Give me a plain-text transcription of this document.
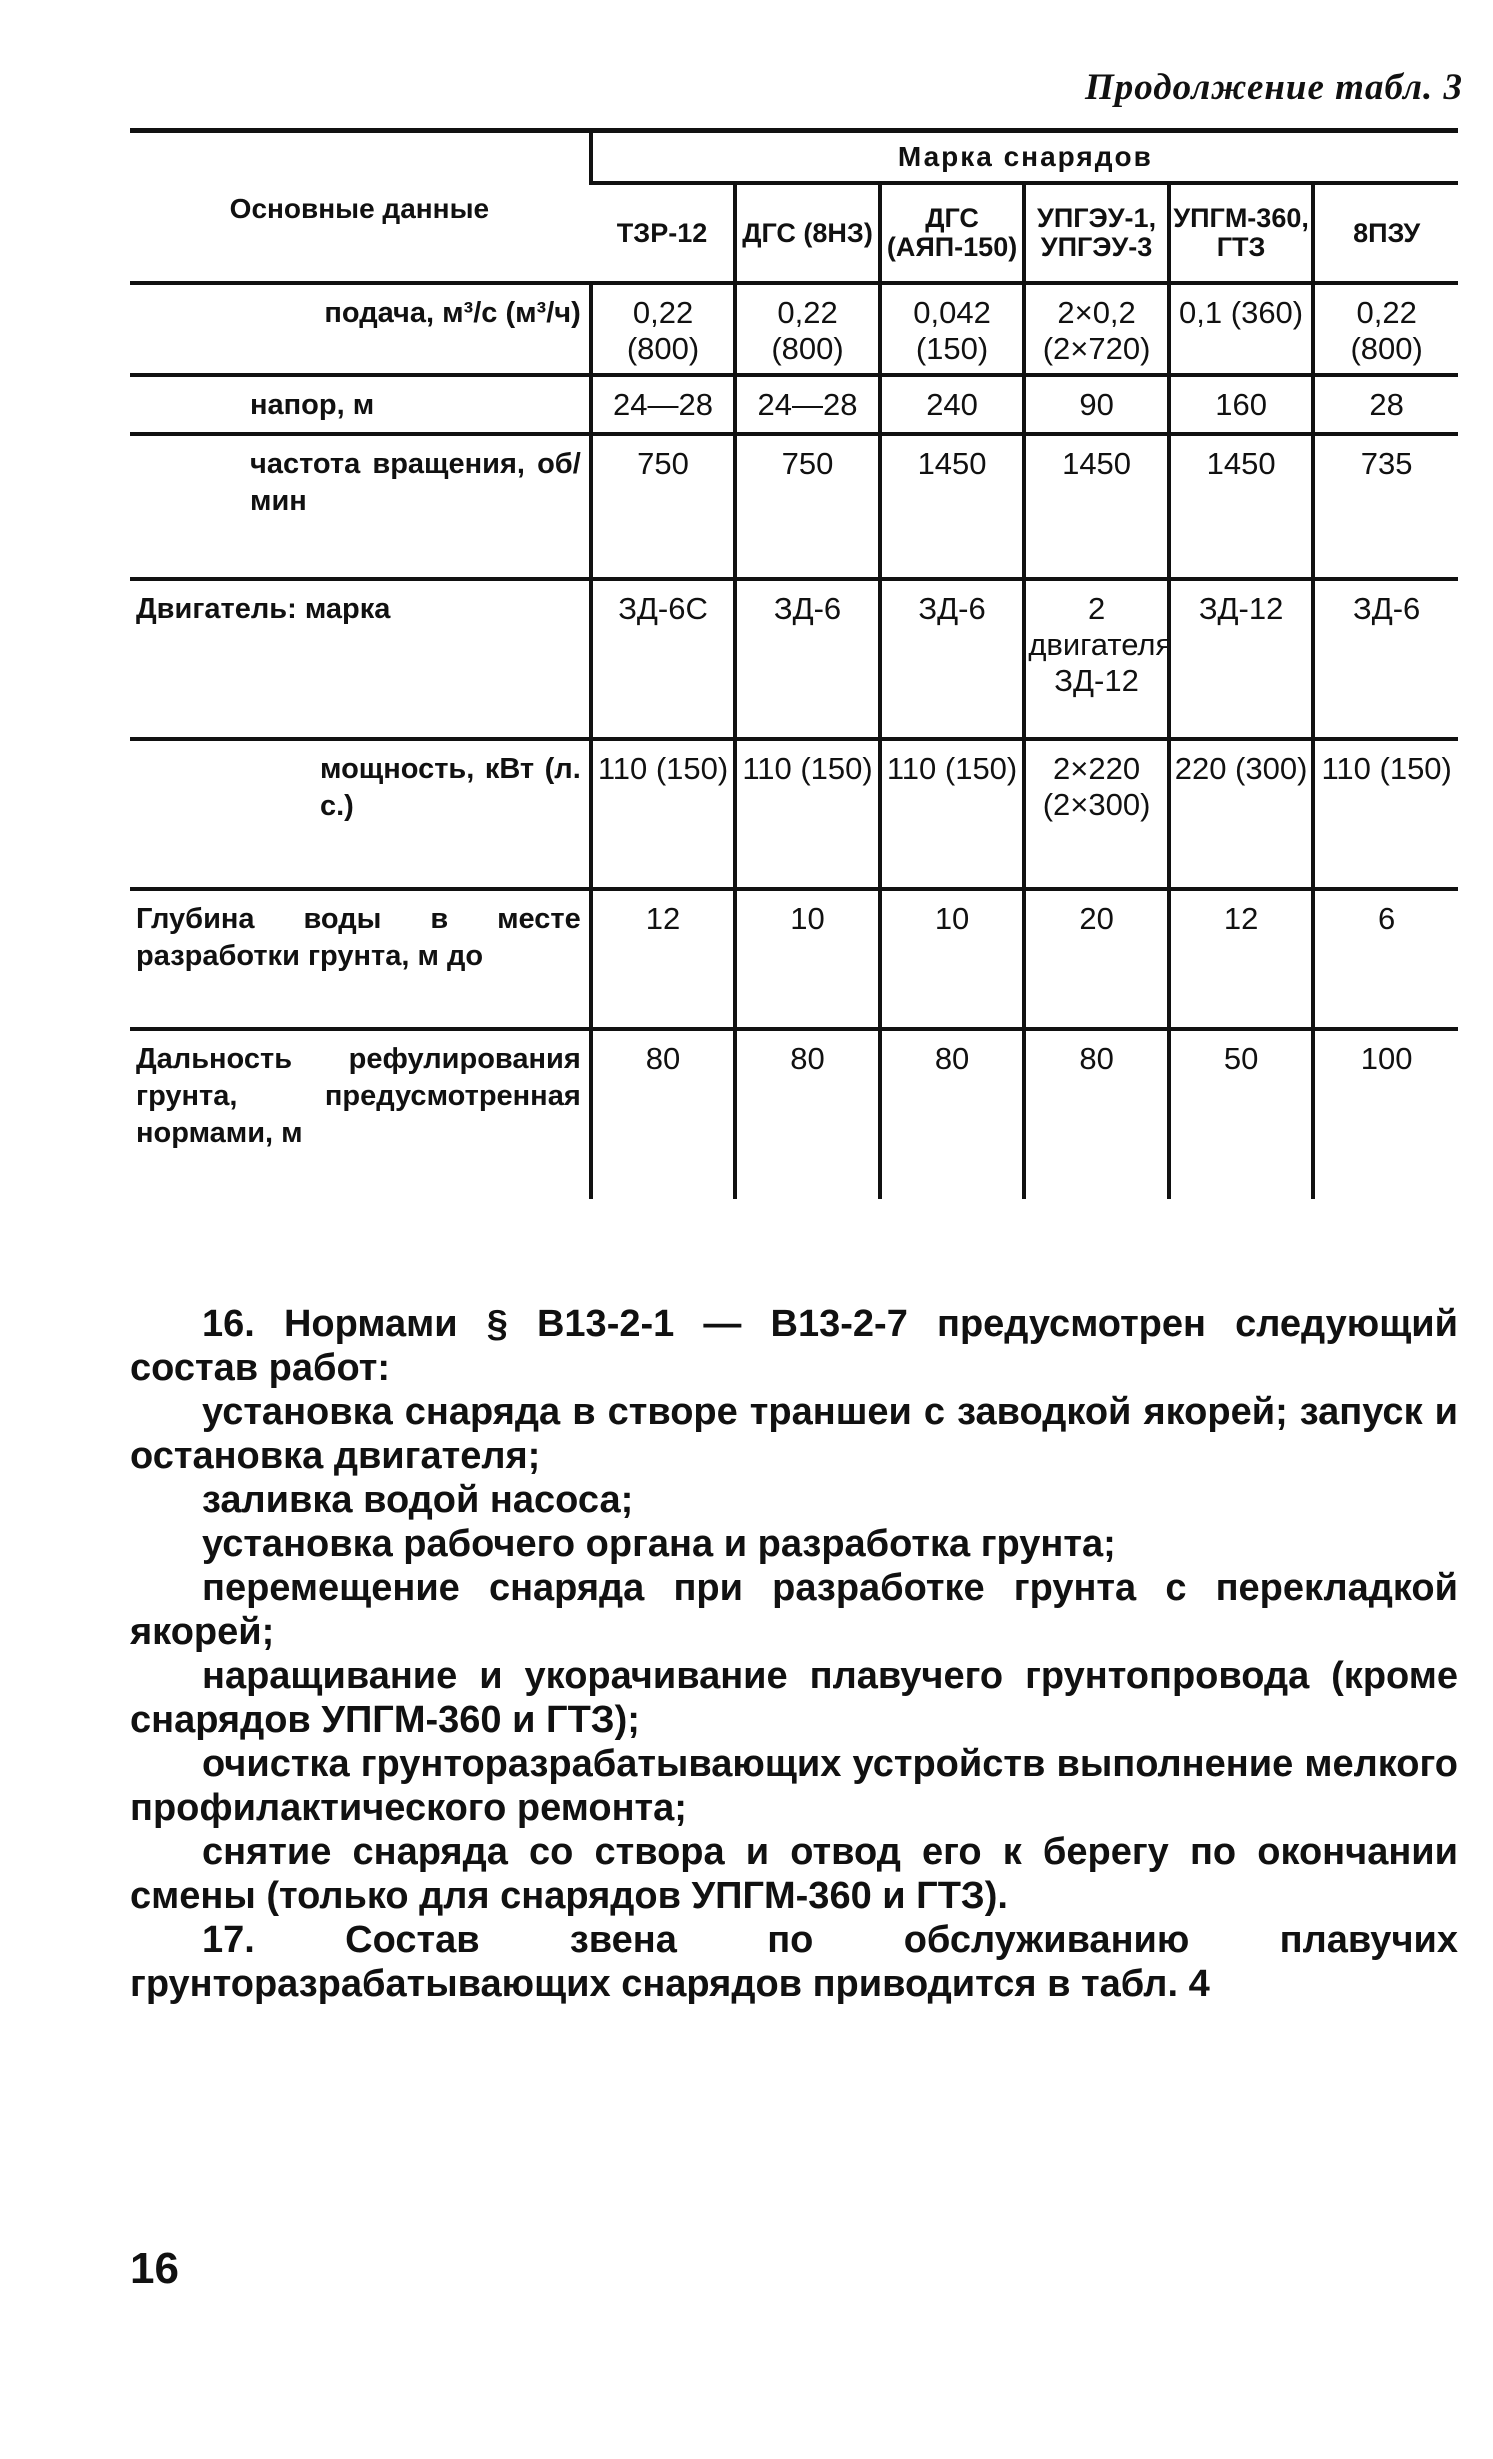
Продолжение табл. 3
Основные данные	Марка снарядов					
	ТЗР-12	ДГС (8НЗ)	ДГС (АЯП-150)	УПГЭУ-1, УПГЭУ-3	УПГМ-360, ГТЗ	8ПЗУ
подача, м³/с (м³/ч)	0,22 (800)	0,22 (800)	0,042 (150)	2×0,2 (2×720)	0,1 (360)	0,22 (800)
напор, м	24—28	24—28	240	90	160	28
частота вращения, об/мин	750	750	1450	1450	1450	735
Двигатель: марка	ЗД-6С	ЗД-6	ЗД-6	2 двигателя ЗД-12	ЗД-12	ЗД-6
мощность, кВт (л. с.)	110 (150)	110 (150)	110 (150)	2×220 (2×300)	220 (300)	110 (150)
Глубина воды в месте разработки грунта, м до	12	10	10	20	12	6
Дальность рефулирования грунта, предусмотренная нормами, м	80	80	80	80	50	100

16. Нормами § В13-2-1 — В13-2-7 предусмотрен следующий состав работ:

установка снаряда в створе траншеи с заводкой якорей; запуск и остановка двигателя;

заливка водой насоса;

установка рабочего органа и разработка грунта;

перемещение снаряда при разработке грунта с перекладкой якорей;

наращивание и укорачивание плавучего грунтопровода (кроме снарядов УПГМ-360 и ГТЗ);

очистка грунторазрабатывающих устройств выполнение мелкого профилактического ремонта;

снятие снаряда со створа и отвод его к берегу по окончании смены (только для снарядов УПГМ-360 и ГТЗ).

17. Состав звена по обслуживанию плавучих грунторазрабатывающих снарядов приводится в табл. 4

16
